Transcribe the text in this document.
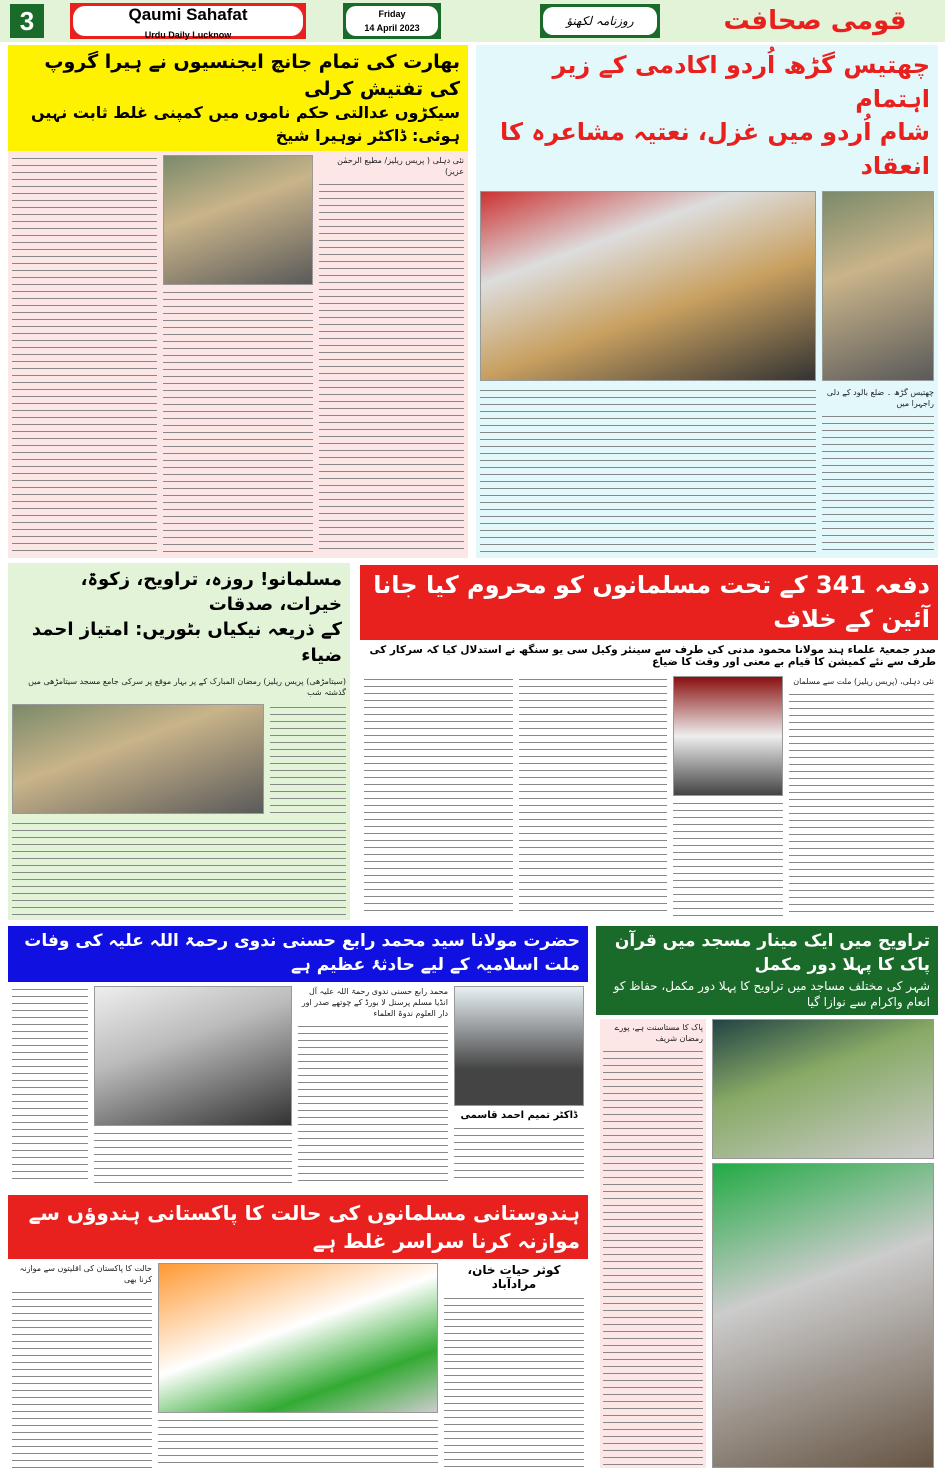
3	Qaumi Sahafat
Urdu Daily Lucknow
Friday
14 April 2023	روزنامہ لکھنؤ	قومی صحافت
بھارت کی تمام جانچ ایجنسیوں نے ہیرا گروپ کی تفتیش کرلی
سیکڑوں عدالتی حکم ناموں میں کمپنی غلط ثابت نہیں ہوئی: ڈاکٹر نوہیرا شیخ
نئی دہلی ( پریس ریلیز/ مطیع الرحمٰن عزیز)
چھتیس گڑھ اُردو اکادمی کے زیر اہتمام
شام اُردو میں غزل، نعتیہ مشاعرہ کا انعقاد
چھتیس گڑھ ۔ ضلع بالود کے دلی راجہرا میں
مسلمانو! روزہ، تراویح، زکوۃ، خیرات، صدقات
کے ذریعہ نیکیاں بٹوریں: امتیاز احمد ضیاء
(سیتامڑھی) پریس ریلیز) رمضان المبارک کے پر بہار موقع پر سرکی جامع مسجد سیتامڑھی میں گذشتہ شب
دفعہ 341 کے تحت مسلمانوں کو محروم کیا جانا آئین کے خلاف
صدر جمعیۃ علماء ہند مولانا محمود مدنی کی طرف سے سینئر وکیل سی یو سنگھ نے استدلال کیا کہ سرکار کی طرف سے نئے کمیشن کا قیام بے معنی اور وقت کا ضیاع
نئی دہلی، (پریس ریلیز) ملت سے مسلمان
حضرت مولانا سید محمد رابع حسنی ندوی رحمۃ اللہ علیہ کی وفات ملت اسلامیہ کے لیے حادثۂ عظیم ہے
ڈاکٹر تمیم احمد قاسمی
محمد رابع حسنی ندوی رحمۃ اللہ علیہ آل انڈیا مسلم پرسنل لا بورڈ کے چوتھے صدر اور دار العلوم ندوۃ العلماء
تراویح میں ایک مینار مسجد میں قرآن پاک کا پہلا دور مکمل
شہر کی مختلف مساجد میں تراویح کا پہلا دور مکمل، حفاظ کو انعام واکرام سے نوازا گیا
پاک کا مستاسنت ہے، پورے رمضان شریف
ہندوستانی مسلمانوں کی حالت کا پاکستانی ہندوؤں سے موازنہ کرنا سراسر غلط ہے
کوثر حیات خان، مرادآباد
حالت کا پاکستان کی اقلیتوں سے موازنہ کرنا بھی
